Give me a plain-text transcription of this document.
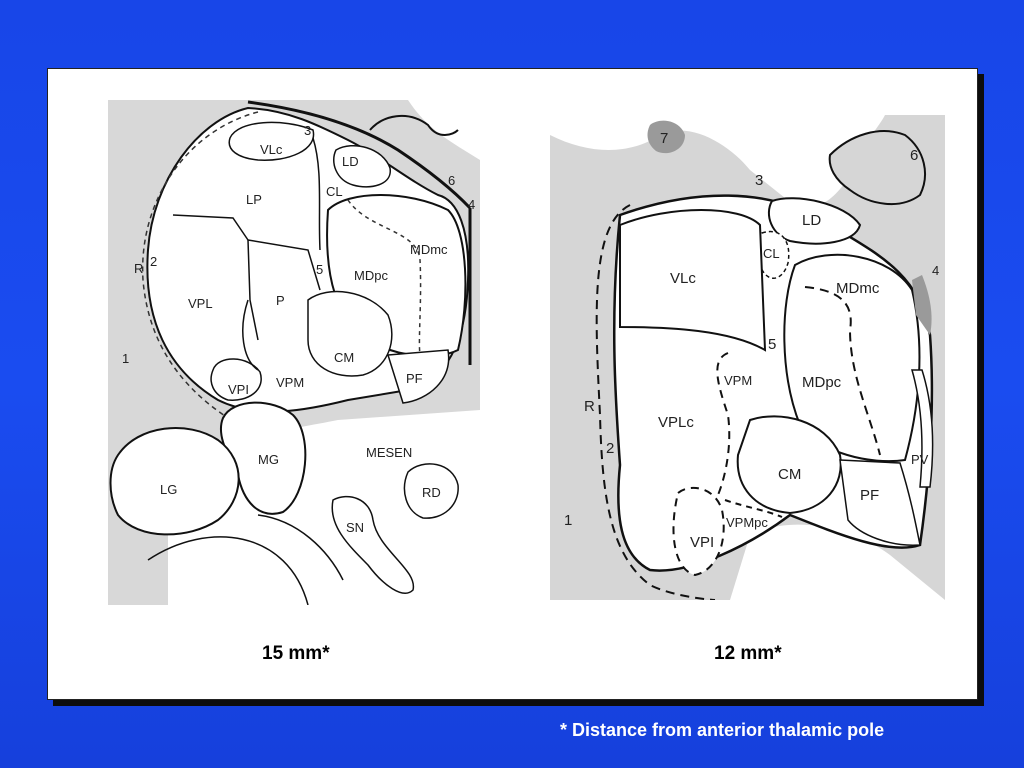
VLc
3
LD
6
LP
CL
4
MDmc
R 2
5 MDpc
VPL	P
1	CM
VPM	PF
VPI
MG	MESEN
LG	RD
SN
7
6
3
LD
CL
VLc
MDmc
4
5
VPM	MDpc
R
VPLc
2
PV
CM
PF
VPMpc
1
VPI
15 mm*	12 mm*
* Distance from anterior thalamic pole
